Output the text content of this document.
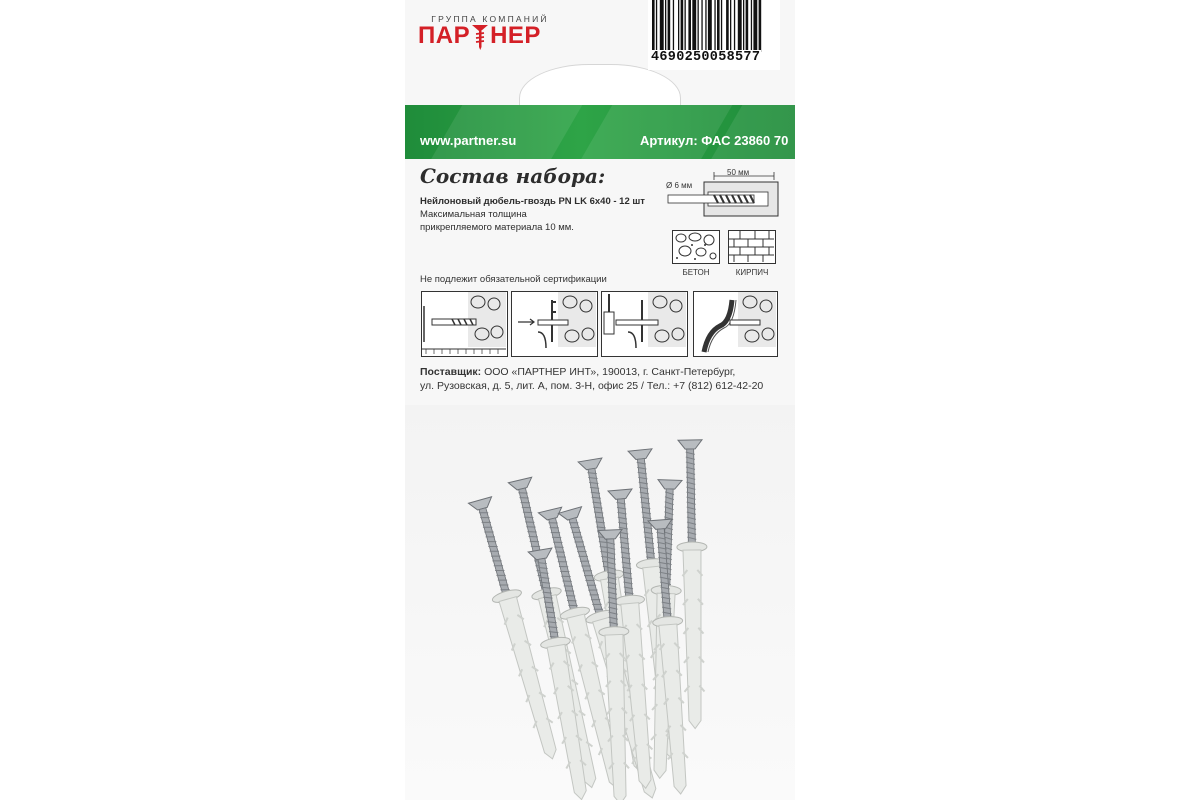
ГРУППА КОМПАНИЙ
ПАР НЕР
4690250058577
www.partner.su	Артикул: ФАС 23860 70
Состав набора:
Нейлоновый дюбель-гвоздь PN LK 6x40 - 12 шт
Максимальная толщина
прикрепляемого материала 10 мм.
50 мм
Ø 6 мм
БЕТОН	КИРПИЧ
Не подлежит обязательной сертификации
Поставщик: ООО «ПАРТНЕР ИНТ», 190013, г. Санкт-Петербург,
ул. Рузовская, д. 5, лит. А, пом. 3-Н, офис 25 / Тел.: +7 (812) 612-42-20
